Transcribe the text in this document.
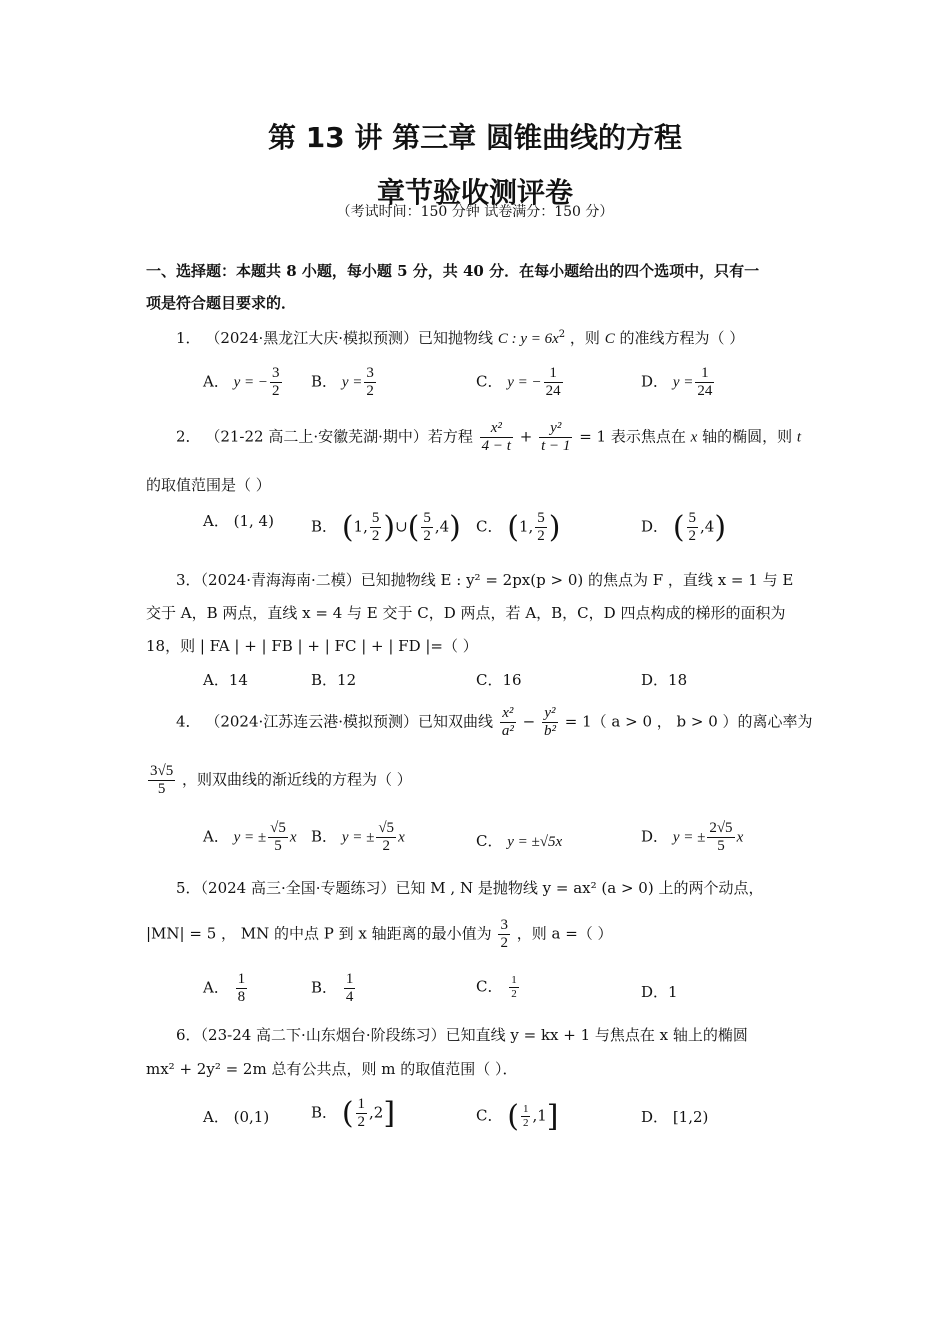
第 13 讲 第三章 圆锥曲线的方程
章节验收测评卷
（考试时间：150 分钟 试卷满分：150 分）
一、选择题：本题共 8 小题，每小题 5 分，共 40 分．在每小题给出的四个选项中，只有一
项是符合题目要求的．
1． （2024·黑龙江大庆·模拟预测）已知抛物线 C : $y = 6x^2$ ，则 C 的准线方程为（ ）
A． y = − $\frac{3}{2}$ B． $y = \frac{3}{2}$	C． y = − $\frac{1}{24}$	D． $y = \frac{1}{24}$
2． （21-22 高二上·安徽芜湖·期中）若方程 $\frac{\text{x²}}{4 - t} + \frac{\text{y²}}{t - 1} = 1$ 表示焦点在 x 轴的椭圆，则 t
的取值范围是（ ）
A． (1, 4) B． (1, $\frac{5}{2}$ )∪( $\frac{5}{2} ,4$) C． (1, $\frac{5}{2}$ )	D． ( $\frac{5}{2} ,4$)
3．（2024·青海海南·二模）已知抛物线 E : y² = 2px(p > 0) 的焦点为 F ，直线 x = 1 与 E
交于 A，B 两点，直线 x = 4 与 E 交于 C，D 两点，若 A，B，C，D 四点构成的梯形的面积为
18，则 | FA | + | FB | + | FC | + | FD |=（ ）
A．14	B．12	C．16	D．18
4． （2024·江苏连云港·模拟预测）已知双曲线 $\frac{\text{x²}}{\text{a²}} - \frac{\text{y²}}{\text{b²}} = 1$（ a > 0 ， b > 0 ）的离心率为
$\frac{3√5}{5}$ ，则双曲线的渐近线的方程为（ ）
A． y = ± $\frac{√5}{5}$ x B． y = ± $\frac{√5}{2}$ x	C． y = ±√5x	D． y = ± $\frac{2√5}{5}$ x
5．（2024 高三·全国·专题练习）已知 M , N 是抛物线 y = ax² (a > 0) 上的两个动点，
|MN| = 5 ， MN 的中点 P 到 x 轴距离的最小值为 $\frac{3}{2}$ ，则 a =（ ）
A． $\frac{1}{8}$	B． $\frac{1}{4}$	C． $\frac{1}{2}$	D．1
6．（23-24 高二下·山东烟台·阶段练习）已知直线 y = kx + 1 与焦点在 x 轴上的椭圆
mx² + 2y² = 2m 总有公共点，则 m 的取值范围（ ）．
A． (0,1)	B． ( $\frac{1}{2} ,2$]	C． ( $\frac{1}{2} ,1$]	D． [1,2)
